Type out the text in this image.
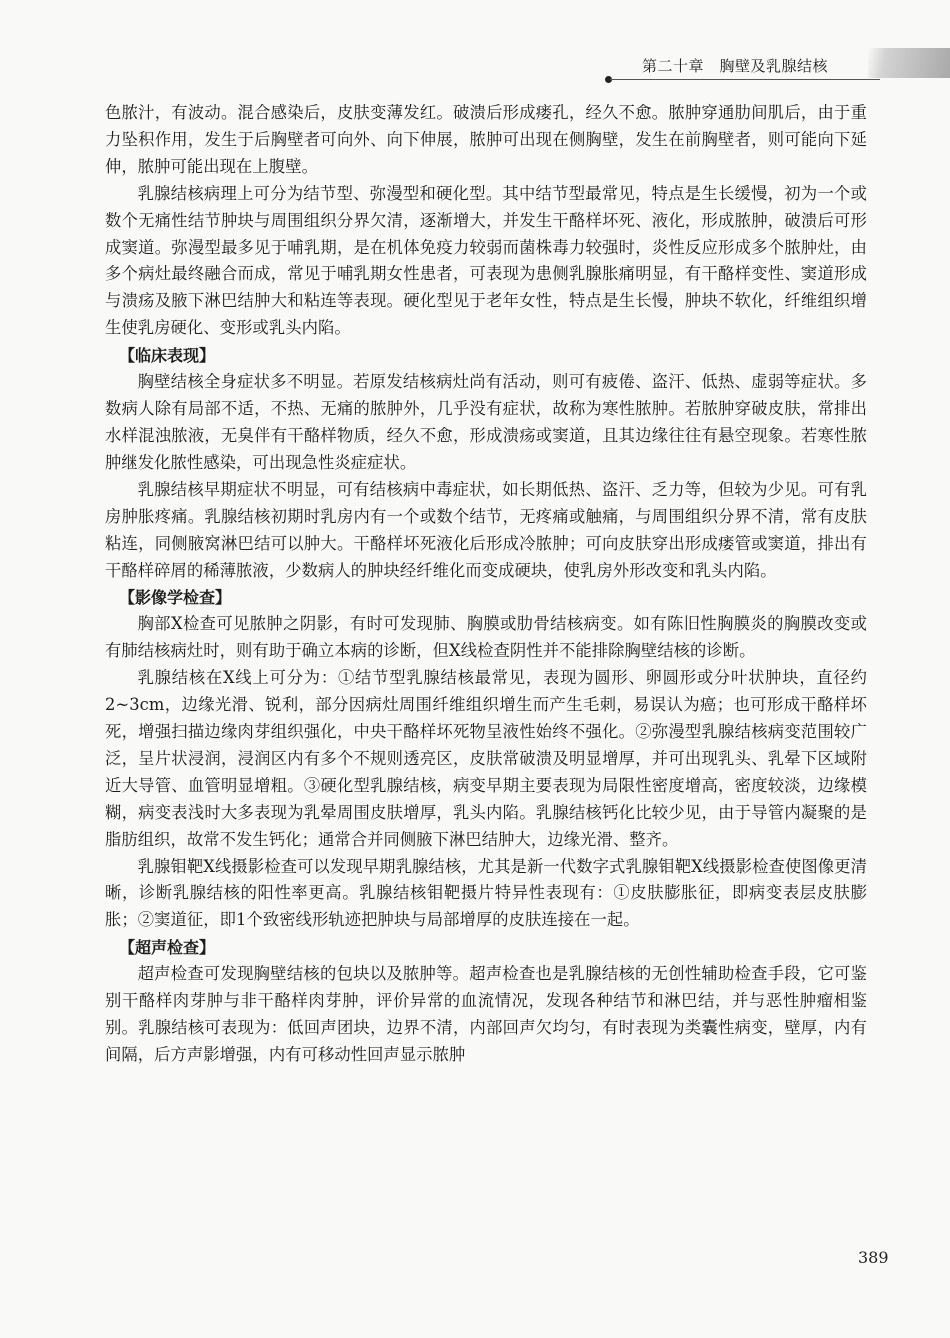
第二十章　胸壁及乳腺结核

色脓汁，有波动。混合感染后，皮肤变薄发红。破溃后形成瘘孔，经久不愈。脓肿穿通肋间肌后，由于重力坠积作用，发生于后胸壁者可向外、向下伸展，脓肿可出现在侧胸壁，发生在前胸壁者，则可能向下延伸，脓肿可能出现在上腹壁。

乳腺结核病理上可分为结节型、弥漫型和硬化型。其中结节型最常见，特点是生长缓慢，初为一个或数个无痛性结节肿块与周围组织分界欠清，逐渐增大，并发生干酪样坏死、液化，形成脓肿，破溃后可形成窦道。弥漫型最多见于哺乳期，是在机体免疫力较弱而菌株毒力较强时，炎性反应形成多个脓肿灶，由多个病灶最终融合而成，常见于哺乳期女性患者，可表现为患侧乳腺胀痛明显，有干酪样变性、窦道形成与溃疡及腋下淋巴结肿大和粘连等表现。硬化型见于老年女性，特点是生长慢，肿块不软化，纤维组织增生使乳房硬化、变形或乳头内陷。

【临床表现】

胸壁结核全身症状多不明显。若原发结核病灶尚有活动，则可有疲倦、盗汗、低热、虚弱等症状。多数病人除有局部不适，不热、无痛的脓肿外，几乎没有症状，故称为寒性脓肿。若脓肿穿破皮肤，常排出水样混浊脓液，无臭伴有干酪样物质，经久不愈，形成溃疡或窦道，且其边缘往往有悬空现象。若寒性脓肿继发化脓性感染，可出现急性炎症症状。

乳腺结核早期症状不明显，可有结核病中毒症状，如长期低热、盗汗、乏力等，但较为少见。可有乳房肿胀疼痛。乳腺结核初期时乳房内有一个或数个结节，无疼痛或触痛，与周围组织分界不清，常有皮肤粘连，同侧腋窝淋巴结可以肿大。干酪样坏死液化后形成冷脓肿；可向皮肤穿出形成瘘管或窦道，排出有干酪样碎屑的稀薄脓液，少数病人的肿块经纤维化而变成硬块，使乳房外形改变和乳头内陷。

【影像学检查】

胸部X检查可见脓肿之阴影，有时可发现肺、胸膜或肋骨结核病变。如有陈旧性胸膜炎的胸膜改变或有肺结核病灶时，则有助于确立本病的诊断，但X线检查阴性并不能排除胸壁结核的诊断。

乳腺结核在X线上可分为：①结节型乳腺结核最常见，表现为圆形、卵圆形或分叶状肿块，直径约2~3cm，边缘光滑、锐利，部分因病灶周围纤维组织增生而产生毛刺，易误认为癌；也可形成干酪样坏死，增强扫描边缘肉芽组织强化，中央干酪样坏死物呈液性始终不强化。②弥漫型乳腺结核病变范围较广泛，呈片状浸润，浸润区内有多个不规则透亮区，皮肤常破溃及明显增厚，并可出现乳头、乳晕下区域附近大导管、血管明显增粗。③硬化型乳腺结核，病变早期主要表现为局限性密度增高，密度较淡，边缘模糊，病变表浅时大多表现为乳晕周围皮肤增厚，乳头内陷。乳腺结核钙化比较少见，由于导管内凝聚的是脂肪组织，故常不发生钙化；通常合并同侧腋下淋巴结肿大，边缘光滑、整齐。

乳腺钼靶X线摄影检查可以发现早期乳腺结核，尤其是新一代数字式乳腺钼靶X线摄影检查使图像更清晰，诊断乳腺结核的阳性率更高。乳腺结核钼靶摄片特异性表现有：①皮肤膨胀征，即病变表层皮肤膨胀；②窦道征，即1个致密线形轨迹把肿块与局部增厚的皮肤连接在一起。

【超声检查】

超声检查可发现胸壁结核的包块以及脓肿等。超声检查也是乳腺结核的无创性辅助检查手段，它可鉴别干酪样肉芽肿与非干酪样肉芽肿，评价异常的血流情况，发现各种结节和淋巴结，并与恶性肿瘤相鉴别。乳腺结核可表现为：低回声团块，边界不清，内部回声欠均匀，有时表现为类囊性病变，壁厚，内有间隔，后方声影增强，内有可移动性回声显示脓肿

389
